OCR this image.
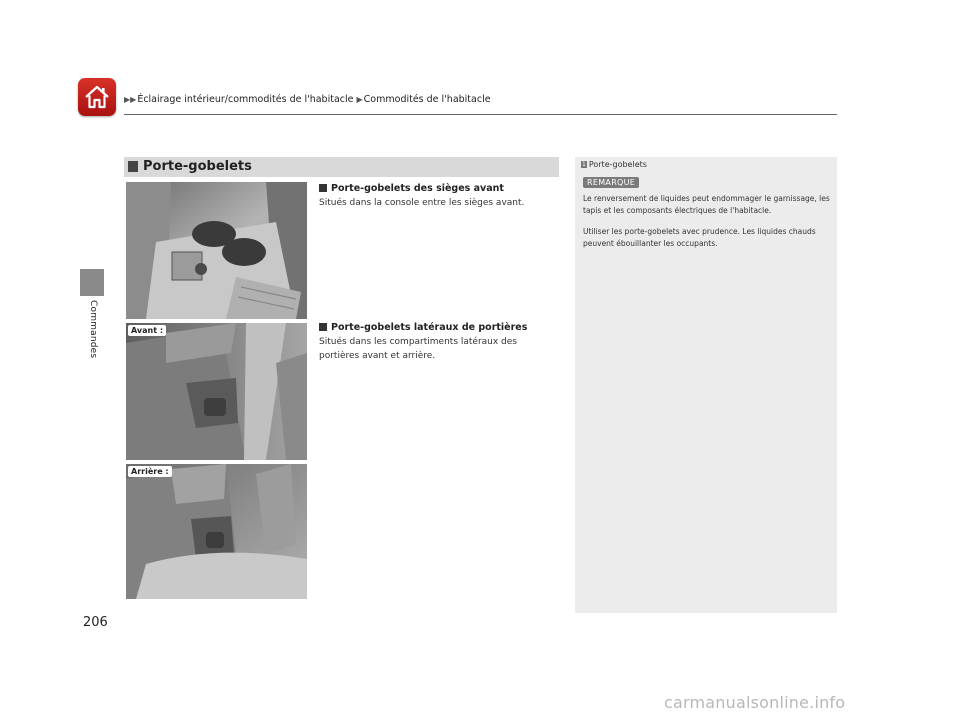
▶▶Éclairage intérieur/commodités de l'habitacle ▶Commodités de l'habitacle
Commandes
206
Porte-gobelets
Avant :
Arrière :
Porte-gobelets des sièges avant
Situés dans la console entre les sièges avant.
Porte-gobelets latéraux de portières
Situés dans les compartiments latéraux des portières avant et arrière.
1 Porte-gobelets
REMARQUE
Le renversement de liquides peut endommager le garnissage, les tapis et les composants électriques de l'habitacle.
Utiliser les porte-gobelets avec prudence. Les liquides chauds peuvent ébouillanter les occupants.
carmanualsonline.info
